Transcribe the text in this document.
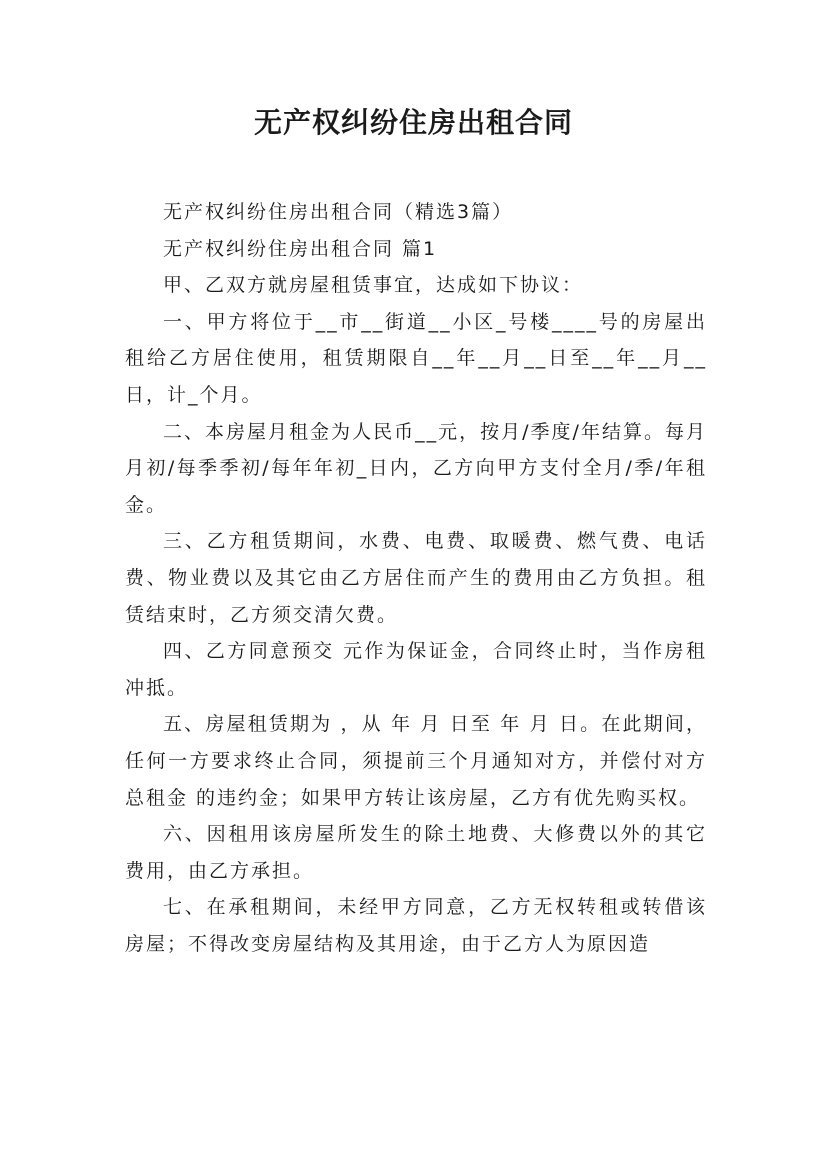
无产权纠纷住房出租合同

无产权纠纷住房出租合同（精选3篇）

无产权纠纷住房出租合同 篇1

甲、乙双方就房屋租赁事宜，达成如下协议：

一、甲方将位于__市__街道__小区_号楼____号的房屋出租给乙方居住使用，租赁期限自__年__月__日至__年__月__日，计_个月。

二、本房屋月租金为人民币__元，按月/季度/年结算。每月月初/每季季初/每年年初_日内，乙方向甲方支付全月/季/年租金。

三、乙方租赁期间，水费、电费、取暖费、燃气费、电话费、物业费以及其它由乙方居住而产生的费用由乙方负担。租赁结束时，乙方须交清欠费。

四、乙方同意预交 元作为保证金，合同终止时，当作房租冲抵。

五、房屋租赁期为 ，从 年 月 日至 年 月 日。在此期间，任何一方要求终止合同，须提前三个月通知对方，并偿付对方总租金 的违约金；如果甲方转让该房屋，乙方有优先购买权。

六、因租用该房屋所发生的除土地费、大修费以外的其它费用，由乙方承担。

七、在承租期间，未经甲方同意，乙方无权转租或转借该房屋；不得改变房屋结构及其用途，由于乙方人为原因造
